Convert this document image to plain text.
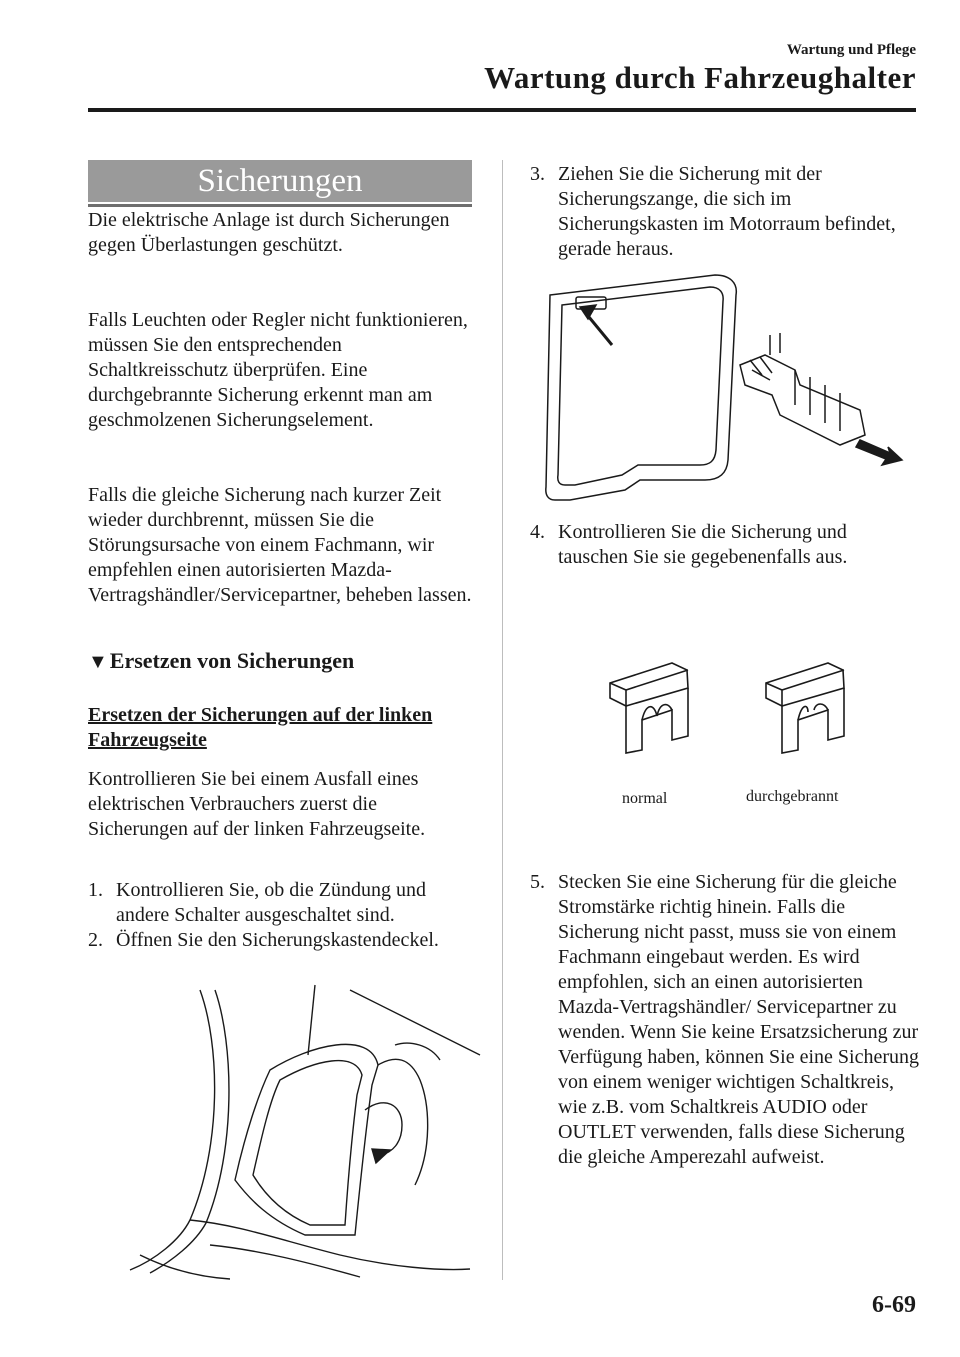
Wartung und Pflege
Wartung durch Fahrzeughalter
Sicherungen

Die elektrische Anlage ist durch Sicherungen gegen Überlastungen geschützt.

Falls Leuchten oder Regler nicht funktionieren, müssen Sie den entsprechenden Schaltkreisschutz überprüfen. Eine durchgebrannte Sicherung erkennt man am geschmolzenen Sicherungselement.

Falls die gleiche Sicherung nach kurzer Zeit wieder durchbrennt, müssen Sie die Störungsursache von einem Fachmann, wir empfehlen einen autorisierten Mazda-Vertragshändler/Servicepartner, beheben lassen.

▼Ersetzen von Sicherungen
Ersetzen der Sicherungen auf der linken Fahrzeugseite

Kontrollieren Sie bei einem Ausfall eines elektrischen Verbrauchers zuerst die Sicherungen auf der linken Fahrzeugseite.

1. Kontrollieren Sie, ob die Zündung und andere Schalter ausgeschaltet sind.
2. Öffnen Sie den Sicherungskastendeckel.
3. Ziehen Sie die Sicherung mit der Sicherungszange, die sich im Sicherungskasten im Motorraum befindet, gerade heraus.
4. Kontrollieren Sie die Sicherung und tauschen Sie sie gegebenenfalls aus.
normal	durchgebrannt
5. Stecken Sie eine Sicherung für die gleiche Stromstärke richtig hinein. Falls die Sicherung nicht passt, muss sie von einem Fachmann eingebaut werden. Es wird empfohlen, sich an einen autorisierten Mazda-Vertragshändler/ Servicepartner zu wenden. Wenn Sie keine Ersatzsicherung zur Verfügung haben, können Sie eine Sicherung von einem weniger wichtigen Schaltkreis, wie z.B. vom Schaltkreis AUDIO oder OUTLET verwenden, falls diese Sicherung die gleiche Amperezahl aufweist.
6-69
